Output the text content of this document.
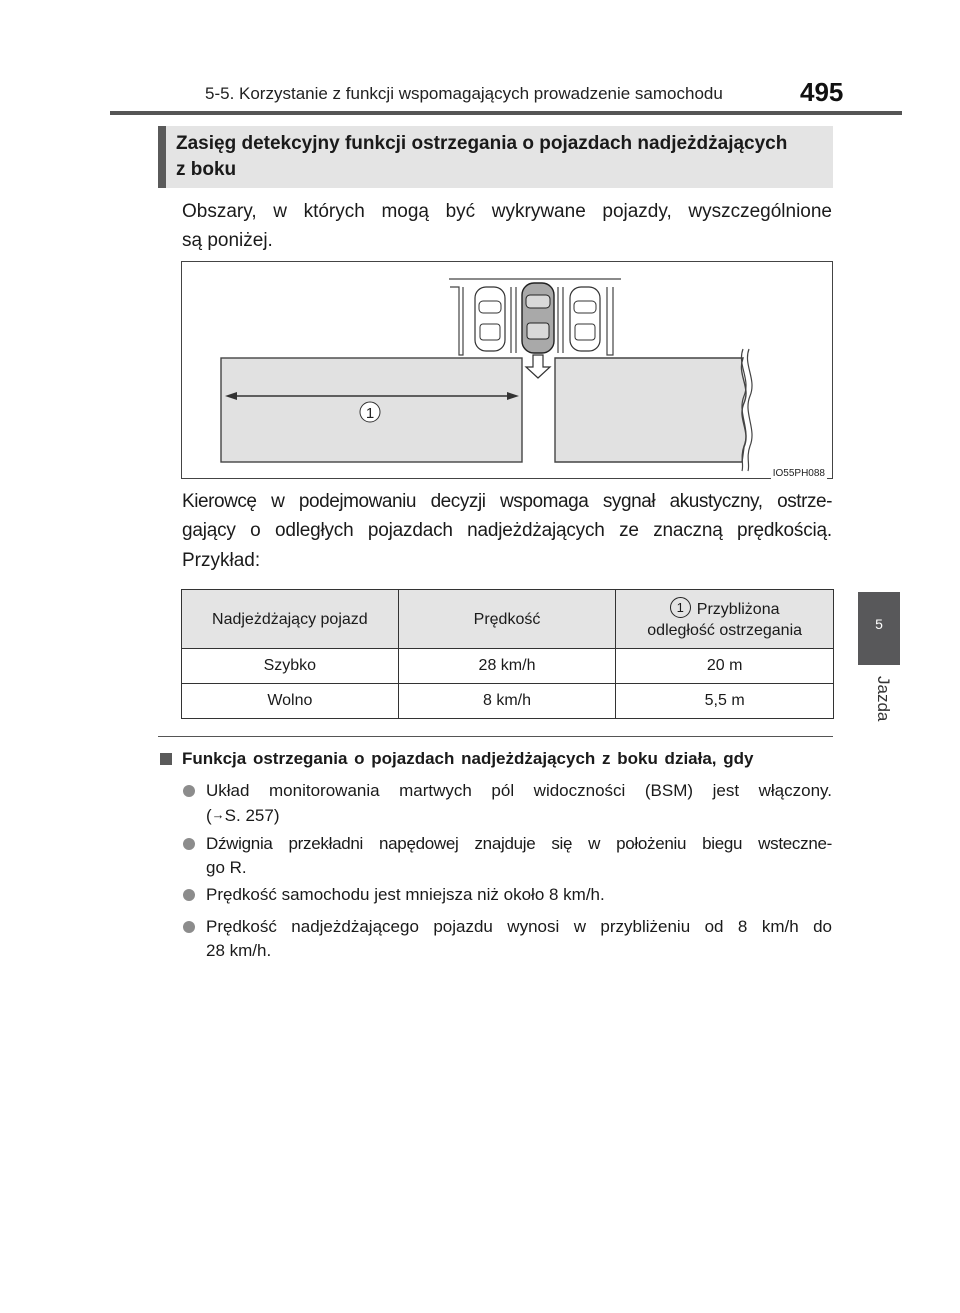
5-5. Korzystanie z funkcji wspomagających prowadzenie samochodu	495
5
Jazda
Zasięg detekcyjny funkcji ostrzegania o pojazdach nadjeżdżających
z boku
Obszary, w których mogą być wykrywane pojazdy, wyszczególnione
są poniżej.
1
IO55PH088
Kierowcę w podejmowaniu decyzji wspomaga sygnał akustyczny, ostrze-
gający o odległych pojazdach nadjeżdżających ze znaczną prędkością.
Przykład:
Nadjeżdżający pojazd	Prędkość	1 Przybliżona
odległość ostrzegania

Szybko	28 km/h	20 m
Wolno	8 km/h	5,5 m
Funkcja ostrzegania o pojazdach nadjeżdżających z boku działa, gdy
Układ monitorowania martwych pól widoczności (BSM) jest włączony.
(→S. 257)
Dźwignia przekładni napędowej znajduje się w położeniu biegu wsteczne-
go R.
Prędkość samochodu jest mniejsza niż około 8 km/h.
Prędkość nadjeżdżającego pojazdu wynosi w przybliżeniu od 8 km/h do
28 km/h.
